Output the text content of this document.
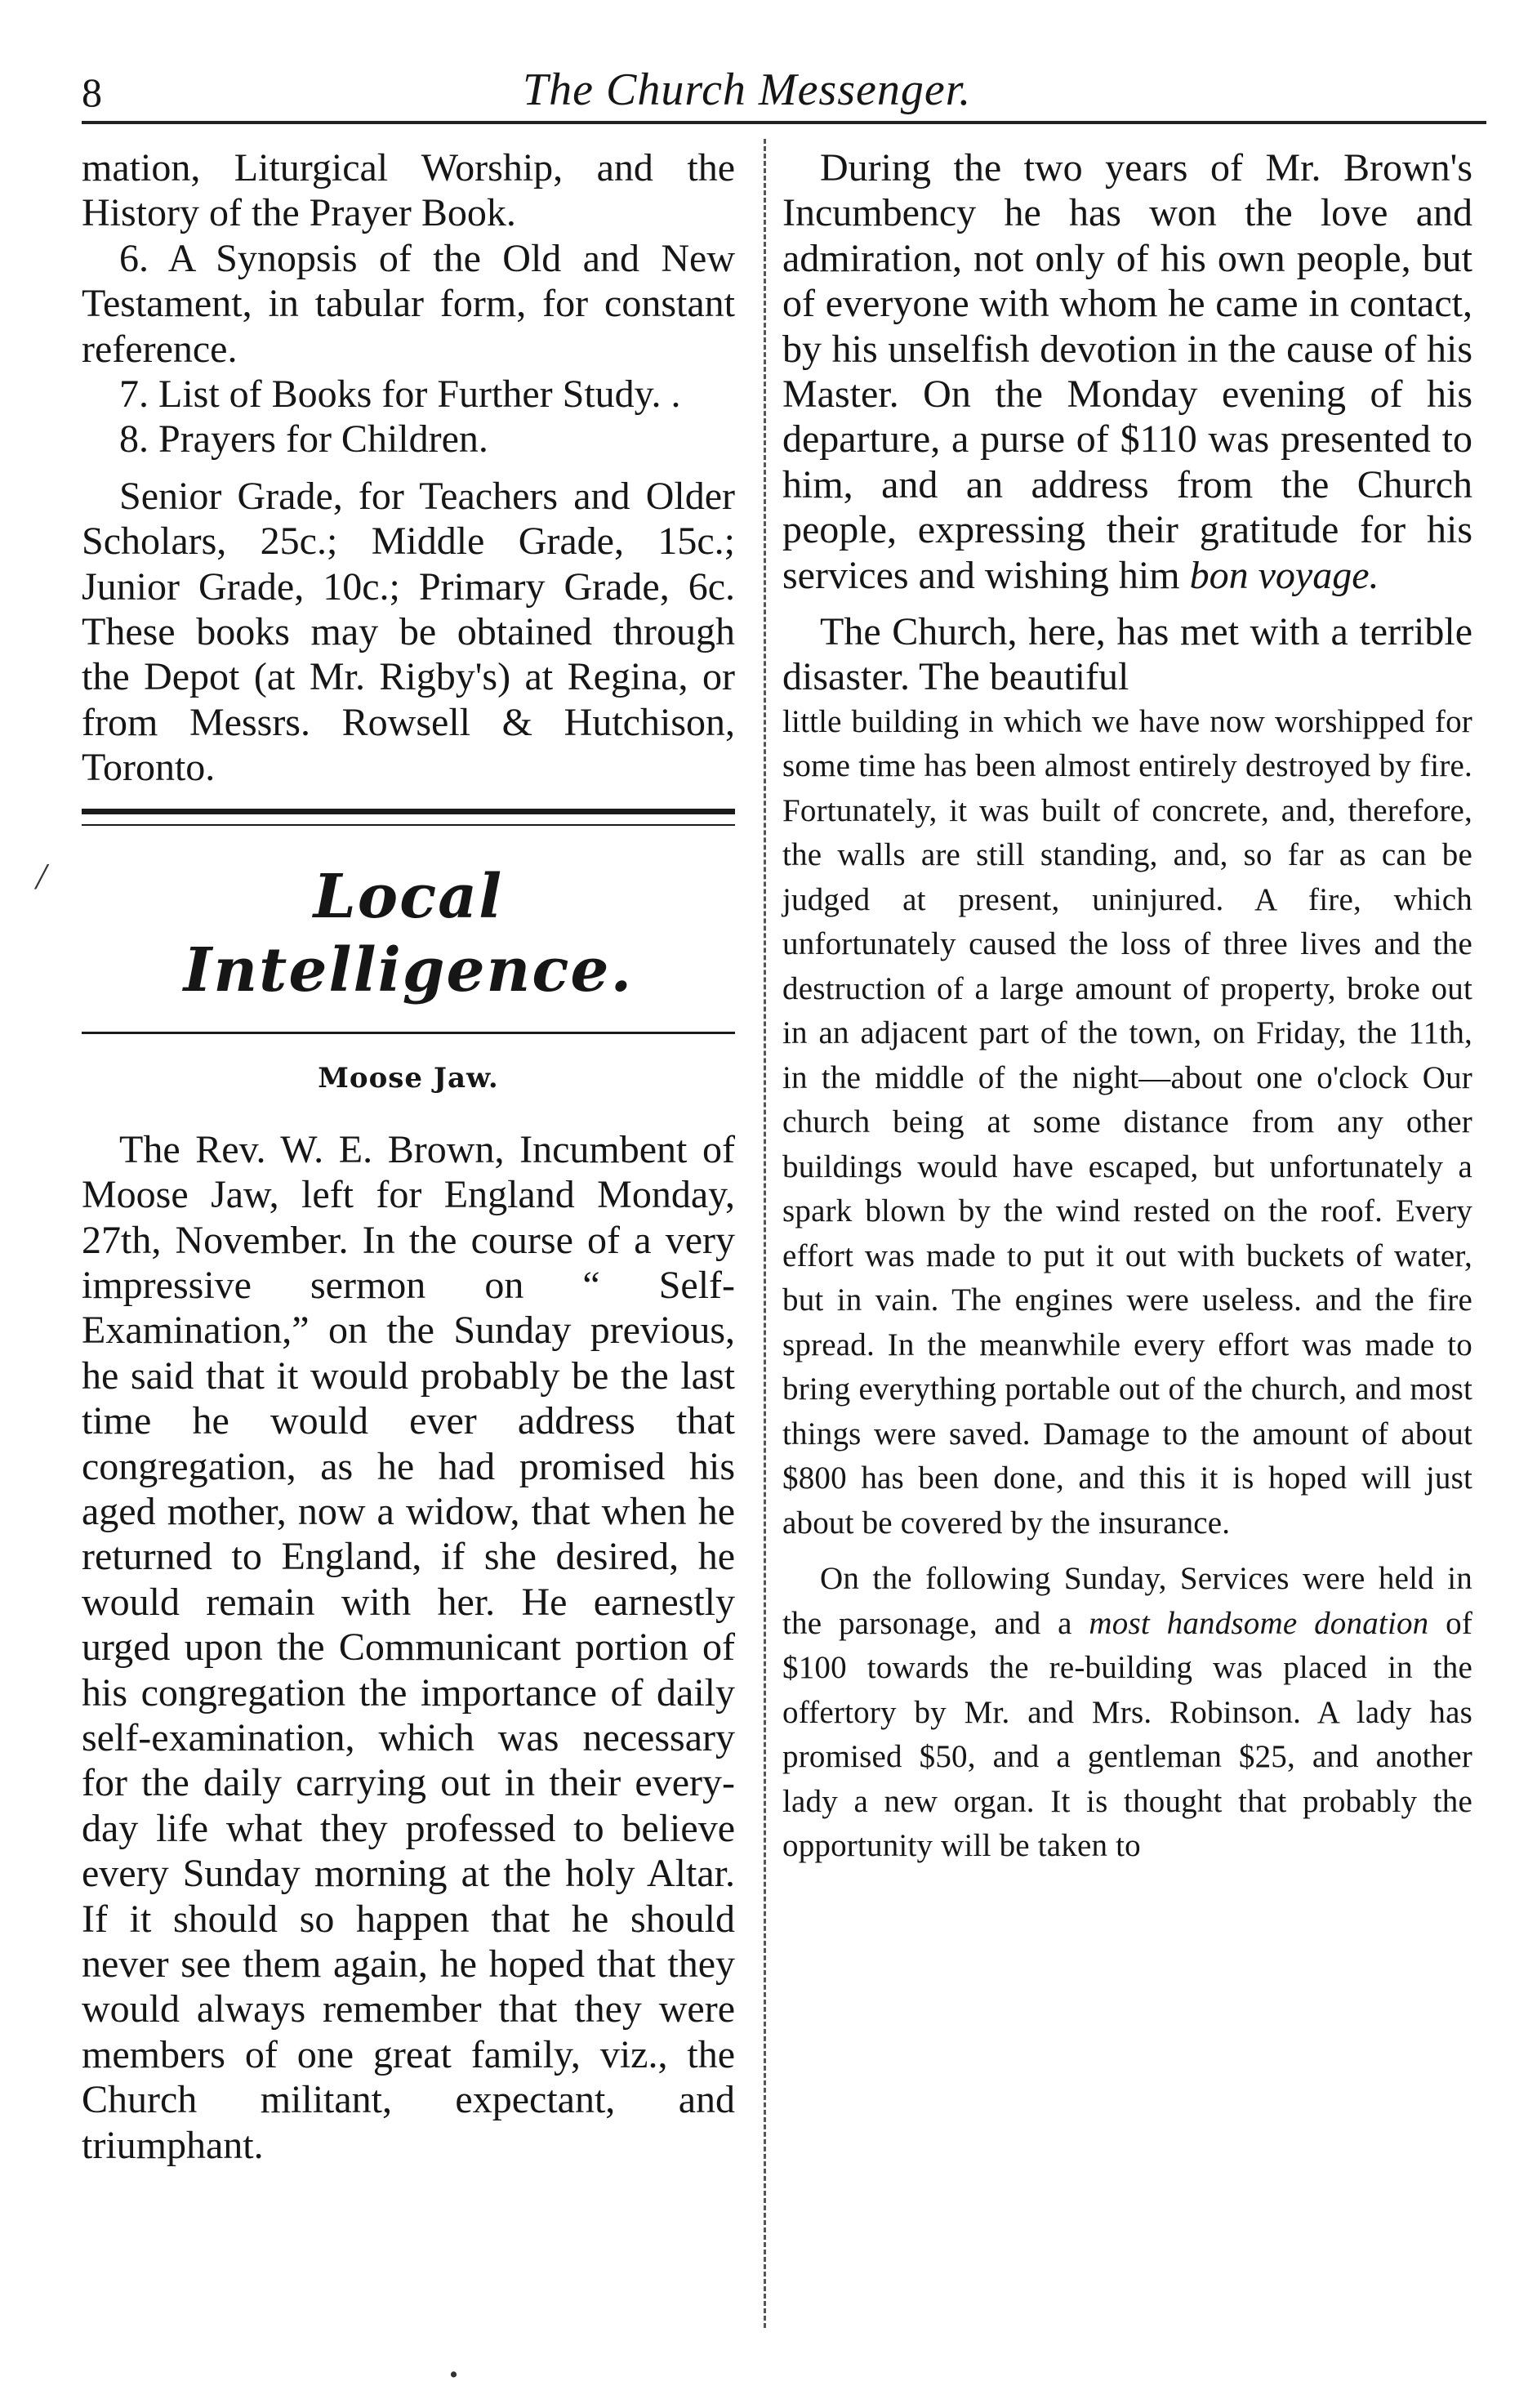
8	The Church Messenger.
/
.

mation, Liturgical Worship, and the History of the Prayer Book.

6. A Synopsis of the Old and New Testament, in tabular form, for constant reference.

7. List of Books for Further Study. .

8. Prayers for Children.

Senior Grade, for Teachers and Older Scholars, 25c.; Middle Grade, 15c.; Junior Grade, 10c.; Primary Grade, 6c. These books may be obtained through the Depot (at Mr. Rigby's) at Regina, or from Messrs. Rowsell & Hutchison, Toronto.

Local Intelligence.
Moose Jaw.

The Rev. W. E. Brown, Incumbent of Moose Jaw, left for England Monday, 27th, November. In the course of a very impressive sermon on “ Self-Examination,” on the Sunday previous, he said that it would probably be the last time he would ever address that congregation, as he had promised his aged mother, now a widow, that when he returned to England, if she desired, he would remain with her. He earnestly urged upon the Communicant portion of his congregation the importance of daily self-examination, which was necessary for the daily carrying out in their every-day life what they professed to believe every Sunday morning at the holy Altar. If it should so happen that he should never see them again, he hoped that they would always remember that they were members of one great family, viz., the Church militant, expectant, and triumphant.

During the two years of Mr. Brown's Incumbency he has won the love and admiration, not only of his own people, but of everyone with whom he came in contact, by his unselfish devotion in the cause of his Master. On the Monday evening of his departure, a purse of $110 was presented to him, and an address from the Church people, expressing their gratitude for his services and wishing him bon voyage.

The Church, here, has met with a terrible disaster. The beautiful

little building in which we have now worshipped for some time has been almost entirely destroyed by fire. Fortunately, it was built of concrete, and, therefore, the walls are still standing, and, so far as can be judged at present, uninjured. A fire, which unfortunately caused the loss of three lives and the destruction of a large amount of property, broke out in an adjacent part of the town, on Friday, the 11th, in the middle of the night—about one o'clock Our church being at some distance from any other buildings would have escaped, but unfortunately a spark blown by the wind rested on the roof. Every effort was made to put it out with buckets of water, but in vain. The engines were useless. and the fire spread. In the meanwhile every effort was made to bring everything portable out of the church, and most things were saved. Damage to the amount of about $800 has been done, and this it is hoped will just about be covered by the insurance.

On the following Sunday, Services were held in the parsonage, and a most handsome donation of $100 towards the re-building was placed in the offertory by Mr. and Mrs. Robinson. A lady has promised $50, and a gentleman $25, and another lady a new organ. It is thought that probably the opportunity will be taken to
